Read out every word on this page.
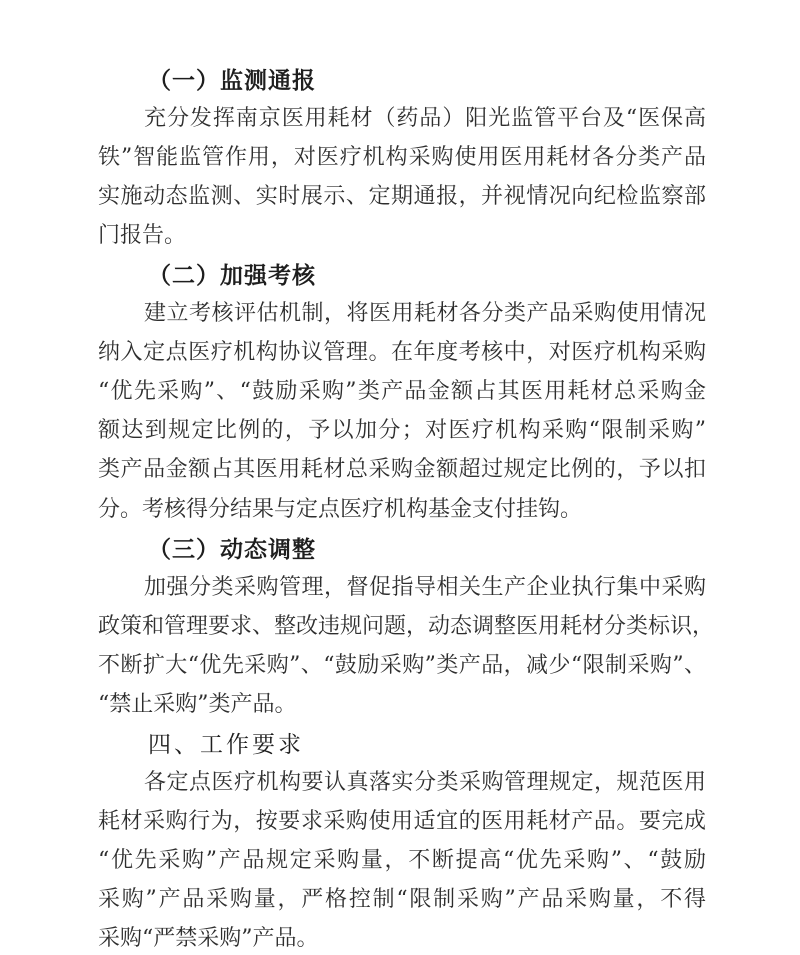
（一）监测通报
充分发挥南京医用耗材（药品）阳光监管平台及“医保高
铁”智能监管作用，对医疗机构采购使用医用耗材各分类产品
实施动态监测、实时展示、定期通报，并视情况向纪检监察部
门报告。
（二）加强考核
建立考核评估机制，将医用耗材各分类产品采购使用情况
纳入定点医疗机构协议管理。在年度考核中，对医疗机构采购
“优先采购”、“鼓励采购”类产品金额占其医用耗材总采购金
额达到规定比例的，予以加分；对医疗机构采购“限制采购”
类产品金额占其医用耗材总采购金额超过规定比例的，予以扣
分。考核得分结果与定点医疗机构基金支付挂钩。
（三）动态调整
加强分类采购管理，督促指导相关生产企业执行集中采购
政策和管理要求、整改违规问题，动态调整医用耗材分类标识，
不断扩大“优先采购”、“鼓励采购”类产品，减少“限制采购”、
“禁止采购”类产品。
四、工作要求
各定点医疗机构要认真落实分类采购管理规定，规范医用
耗材采购行为，按要求采购使用适宜的医用耗材产品。要完成
“优先采购”产品规定采购量，不断提高“优先采购”、“鼓励
采购”产品采购量，严格控制“限制采购”产品采购量，不得
采购“严禁采购”产品。
